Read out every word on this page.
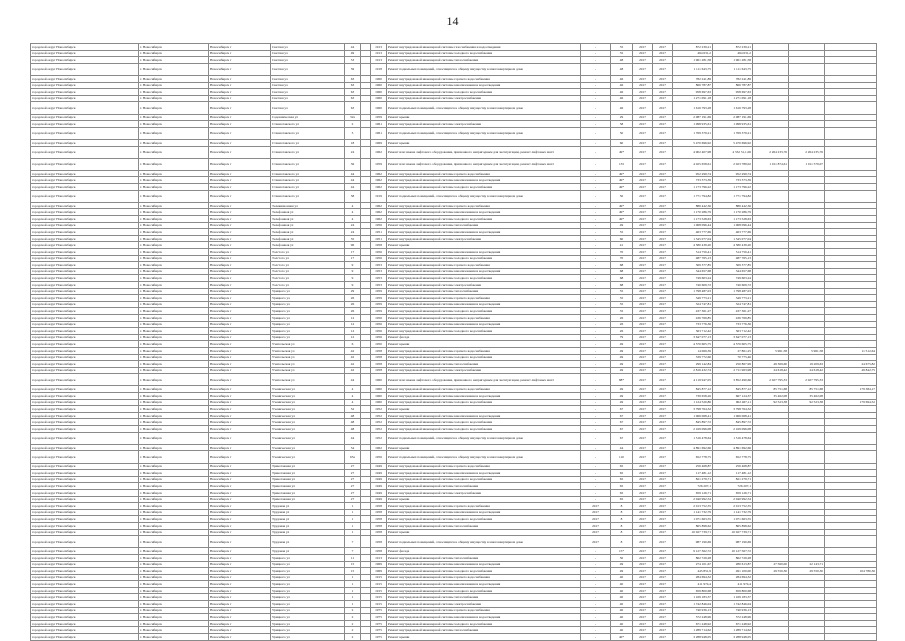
14
городской округ Новосибирск	г. Новосибирск	Новосибирск г	Светлая ул	44		1913	Ремонт внутридомовой инженерной системы газоснабжения и водоотведения	-	35	2017	2017	872 239,21	872 239,21			
городской округ Новосибирск	г. Новосибирск	Новосибирск г	Светлая ул	49		1913	Ремонт внутридомовой инженерной системы холодного водоснабжения	-	35	2017	2017	494 631,2	494 631,2			
городской округ Новосибирск	г. Новосибирск	Новосибирск г	Светлая ул	53		1913	Ремонт внутридомовой инженерной системы теплоснабжения	-	48	2017	2017	1 961 281,58	1 961 281,58			
городской округ Новосибирск	г. Новосибирск	Новосибирск г	Светлая ул	59		1918	Ремонт подвальных помещений, относящихся к общему имуществу в многоквартирном доме	-	48	2017	2017	1 111 643,75	1 111 643,75			
городской округ Новосибирск	г. Новосибирск	Новосибирск г	Светлая ул	63		1960	Ремонт внутридомовой инженерной системы горячего водоснабжения	-	46	2017	2017	782 241,89	782 241,89			
городской округ Новосибирск	г. Новосибирск	Новосибирск г	Светлая ул	63		1960	Ремонт внутридомовой инженерной системы канализования и водоотведения	-	46	2017	2017	866 787,87	866 787,87			
городской округ Новосибирск	г. Новосибирск	Новосибирск г	Светлая ул	63		1960	Ремонт внутридомовой инженерной системы холодного водоснабжения	-	46	2017	2017	958 697,63	958 697,63			
городской округ Новосибирск	г. Новосибирск	Новосибирск г	Светлая ул	63		1960	Ремонт внутридомовой инженерной системы электроснабжения	-	46	2017	2017	1 271 091,18	1 271 091,18			
городской округ Новосибирск	г. Новосибирск	Новосибирск г	Светлая ул	63		1960	Ремонт подвальных помещений, относящихся к общему имуществу в многоквартирном доме	-	46	2017	2017	1 616 793,28	1 616 793,28			
городской округ Новосибирск	г. Новосибирск	Новосибирск г	Садовническая ул	32а		1959	Ремонт крыши	-	29	2017	2017	2 087 191,69	2 087 191,69			
городской округ Новосибирск	г. Новосибирск	Новосибирск г	Станиславского ул	2		1961	Ремонт внутридомовой инженерной системы электроснабжения	-	58	2017	2017	1 098 935,61	1 098 935,61			
городской округ Новосибирск	г. Новосибирск	Новосибирск г	Станиславского ул	3		1961	Ремонт подвальных помещений, относящихся к общему имуществу в многоквартирном доме	-	50	2017	2017	1 769 379,21	1 769 379,21			
городской округ Новосибирск	г. Новосибирск	Новосибирск г	Станиславского ул	18		1969	Ремонт крыши	-	60	2017	2017	5 470 696,92	5 470 696,92			
городской округ Новосибирск	г. Новосибирск	Новосибирск г	Станиславского ул	24		1962	Ремонт или замена лифтового оборудования, признанного непригодным для эксплуатации, ремонт лифтовых шахт	-	49*	2017	2017	4 902 407,98	4 332 51,1,06	2 264 233,76	2 264 235,76	
городской округ Новосибирск	г. Новосибирск	Новосибирск г	Станиславского ул	36		1959	Ремонт или замена лифтового оборудования, признанного непригодным для эксплуатации, ремонт лифтовых шахт	-	135	2017	2017	4 025 658,61	2 023 789,02	1 011 874,61	1 011 579,07	
городской округ Новосибирск	г. Новосибирск	Новосибирск г	Станиславского ул	44		1962	Ремонт внутридомовой инженерной системы горячего водоснабжения	-	49*	2017	2017	952 299,74	952 299,74			
городской округ Новосибирск	г. Новосибирск	Новосибирск г	Станиславского ул	44		1962	Ремонт внутридомовой инженерной системы канализования и водоотведения	-	49*	2017	2017	733 373,39	733 373,39			
городской округ Новосибирск	г. Новосибирск	Новосибирск г	Станиславского ул	44		1962	Ремонт внутридомовой инженерной системы холодного водоснабжения	-	49*	2017	2017	1 173 796,22	1 173 796,22			
городской округ Новосибирск	г. Новосибирск	Новосибирск г	Станиславского ул	58		1919	Ремонт подвальных помещений, относящихся к общему имуществу в многоквартирном доме	-	50	2017	2017	1 771 794,82	1 771 794,82			
городской округ Новосибирск	г. Новосибирск	Новосибирск г	Телевизионная ул	4		1962	Ремонт внутридомовой инженерной системы горячего водоснабжения	-	49*	2017	2017	886 442,36	886 442,36			
городской округ Новосибирск	г. Новосибирск	Новосибирск г	Телефонная ул	4		1962	Ремонт внутридомовой инженерной системы канализования и водоотведения	-	49*	2017	2017	1 170 286,79	1 170 286,79			
городской округ Новосибирск	г. Новосибирск	Новосибирск г	Телефонная ул	4		1962	Ремонт внутридомовой инженерной системы холодного водоснабжения	-	49*	2017	2017	1 173 528,63	1 173 528,63			
городской округ Новосибирск	г. Новосибирск	Новосибирск г	Телефонная ул	24		1956	Ремонт внутридомовой инженерной системы теплоснабжения	-	49	2017	2017	1 068 096,44	1 068 096,44			
городской округ Новосибирск	г. Новосибирск	Новосибирск г	Телефонная ул	24		1951	Ремонт внутридомовой инженерной системы канализования и водоотведения	-	55	2017	2017	463 777,69	463 777,69			
городской округ Новосибирск	г. Новосибирск	Новосибирск г	Телефонная ул	35		1951	Ремонт внутридомовой инженерной системы электроснабжения	-	60	2017	2017	1 345 077,04	1 345 077,04			
городской округ Новосибирск	г. Новосибирск	Новосибирск г	Телефонная ул	96		1958	Ремонт крыши	-	41	2017	2017	4 580 439,20	4 580 439,20			
городской округ Новосибирск	г. Новосибирск	Новосибирск г	Толстого ул	17		1956	Ремонт внутридомовой инженерной системы канализования и водоотведения	-	70	2017	2017	514 750,41	514 750,41			
городской округ Новосибирск	г. Новосибирск	Новосибирск г	Толстого ул	17		1956	Ремонт внутридомовой инженерной системы холодного водоснабжения	-	70	2017	2017	487 765,13	487 765,13			
городской округ Новосибирск	г. Новосибирск	Новосибирск г	Толстого ул	9		1953	Ремонт внутридомовой инженерной системы горячего водоснабжения	-	68	2017	2017	369 377,85	369 377,85			
городской округ Новосибирск	г. Новосибирск	Новосибирск г	Толстого ул	9		1953	Ремонт внутридомовой инженерной системы канализования и водоотведения	-	68	2017	2017	344 657,68	344 657,68			
городской округ Новосибирск	г. Новосибирск	Новосибирск г	Толстого ул	9		1953	Ремонт внутридомовой инженерной системы холодного водоснабжения	-	68	2017	2017	749 603,24	749 603,24			
городской округ Новосибирск	г. Новосибирск	Новосибирск г	Толстого ул	9		1953	Ремонт внутридомовой инженерной системы электроснабжения	-	68	2017	2017	740 609,72	740 609,72			
городской округ Новосибирск	г. Новосибирск	Новосибирск г	Урицкого ул	29		1959	Ремонт внутридомовой инженерной системы теплоснабжения	-	35	2017	2017	1 798 487,03	1 798 487,03			
городской округ Новосибирск	г. Новосибирск	Новосибирск г	Урицкого ул	26		1959	Ремонт внутридомовой инженерной системы горячего водоснабжения	-	35	2017	2017	349 773,21	349 773,21			
городской округ Новосибирск	г. Новосибирск	Новосибирск г	Урицкого ул	26		1959	Ремонт внутридомовой инженерной системы канализования и водоотведения	-	35	2017	2017	324 747,81	324 747,81			
городской округ Новосибирск	г. Новосибирск	Новосибирск г	Урицкого ул	26		1959	Ремонт внутридомовой инженерной системы холодного водоснабжения	-	35	2017	2017	437 361,27	437 361,27			
городской округ Новосибирск	г. Новосибирск	Новосибирск г	Урицкого ул	12		1956	Ремонт внутридомовой инженерной системы горячего водоснабжения	-	26	2017	2017	436 769,85	436 769,85			
городской округ Новосибирск	г. Новосибирск	Новосибирск г	Урицкого ул	12		1956	Ремонт внутридомовой инженерной системы канализования и водоотведения	-	26	2017	2017	733 776,36	733 776,36			
городской округ Новосибирск	г. Новосибирск	Новосибирск г	Урицкого ул	12		1956	Ремонт внутридомовой инженерной системы холодного водоснабжения	-	26	2017	2017	563 712,42	563 712,42			
городской округ Новосибирск	г. Новосибирск	Новосибирск г	Урицкого ул	12		1956	Ремонт фасада	-	79	2017	2017	3 647 077,13	3 647 077,13			
городской округ Новосибирск	г. Новосибирск	Новосибирск г	Учительская ул	6		1950	Ремонт крыши	-	49	2017	2017	4 570 605,75	4 570 605,75			
городской округ Новосибирск	г. Новосибирск	Новосибирск г	Учительская ул	42		1958	Ремонт внутридомовой инженерной системы горячего водоснабжения	-	49	2017	2017	14 066,39	27 861,25	5 961,58	5 961,58	11 512,64
городской округ Новосибирск	г. Новосибирск	Новосибирск г	Учительская ул	42		1958	Ремонт внутридомовой инженерной системы холодного водоснабжения	-	49	2017	2017	339 772,66	70 775,46			
городской округ Новосибирск	г. Новосибирск	Новосибирск г	Учительская ул	42		1958	Ремонт внутридомовой инженерной системы теплоснабжения	-	49	2017	2017	299 142,84	250 867,99	49 369,60	19 209,63	24 675,82
городской округ Новосибирск	г. Новосибирск	Новосибирск г	Учительская ул	42		1958	Ремонт внутридомовой инженерной системы электроснабжения	-	49	2017	2017	2 816 432,74	2 711 963,98	24 618,42	24 618,42	49 842,75
городской округ Новосибирск	г. Новосибирск	Новосибирск г	Учительская ул	44		1960	Ремонт или замена лифтового оборудования, признанного непригодным для эксплуатации, ремонт лифтовых шахт	-	88*	2017	2017	4 119 947,05	3 852 490,66	2 027 795,33	2 027 795,33	
городской округ Новосибирск	г. Новосибирск	Новосибирск г	Ученическая ул	4		1960	Ремонт внутридомовой инженерной системы горячего водоснабжения	-	49	2017	2017	845 877,12	845 877,12	85 751,68	85 751,68	179 384,17
городской округ Новосибирск	г. Новосибирск	Новосибирск г	Ученическая ул	4		1960	Ремонт внутридомовой инженерной системы канализования и водоотведения	-	49	2017	2017	739 658,26	667 124,37	35 462,08	35 462,08	
городской округ Новосибирск	г. Новосибирск	Новосибирск г	Ученическая ул	4		1960	Ремонт внутридомовой инженерной системы холодного водоснабжения	-	49	2017	2017	1 124 520,86	902 467,11	92 523,38	92 523,38	179 694,52
городской округ Новосибирск	г. Новосибирск	Новосибирск г	Ученическая ул	52		1952	Ремонт крыши	-	67	2017	2017	3 798 764,32	3 798 764,32			
городской округ Новосибирск	г. Новосибирск	Новосибирск г	Ученическая ул	48		1952	Ремонт внутридомовой инженерной системы канализования и водоотведения	-	67	2017	2017	1 066 068,41	1 066 068,41			
городской округ Новосибирск	г. Новосибирск	Новосибирск г	Ученическая ул	48		1952	Ремонт внутридомовой инженерной системы холодного водоснабжения	-	67	2017	2017	845 897,72	845 897,72			
городской округ Новосибирск	г. Новосибирск	Новосибирск г	Ученическая ул	48		1952	Ремонт внутридомовой инженерной системы холодного водоснабжения	-	67	2017	2017	2 169 096,08	2 169 096,08			
городской округ Новосибирск	г. Новосибирск	Новосибирск г	Ученическая ул	44		1952	Ремонт подвальных помещений, относящихся к общему имуществу в многоквартирном доме	-	67	2017	2017	1 516 478,64	1 516 478,64			
городской округ Новосибирск	г. Новосибирск	Новосибирск г	Ученическая ул	54		1962	Ремонт крыши	-	44	2017	2017	4 891 692,66	4 891 692,66			
городской округ Новосибирск	г. Новосибирск	Новосибирск г	Ученическая ул	65а		1956	Ремонт подвальных помещений, относящихся к общему имуществу в многоквартирном доме	-	110	2017	2017	652 778,75	652 778,75			
городской округ Новосибирск	г. Новосибирск	Новосибирск г	Трикотажная ул	27		1949	Ремонт внутридомовой инженерной системы горячего водоснабжения	-	65	2017	2017	256 468,87	256 468,87			
городской округ Новосибирск	г. Новосибирск	Новосибирск г	Трикотажная ул	27		1949	Ремонт внутридомовой инженерной системы канализования и водоотведения	-	65	2017	2017	117 481,12	117 481,12			
городской округ Новосибирск	г. Новосибирск	Новосибирск г	Трикотажная ул	27		1949	Ремонт внутридомовой инженерной системы холодного водоснабжения	-	65	2017	2017	821 279,71	821 279,71			
городской округ Новосибирск	г. Новосибирск	Новосибирск г	Трикотажная ул	27		1949	Ремонт внутридомовой инженерной системы теплоснабжения	-	65	2017	2017	726 207,1	726 207,1			
городской округ Новосибирск	г. Новосибирск	Новосибирск г	Трикотажная ул	27		1949	Ремонт внутридомовой инженерной системы электроснабжения	-	65	2017	2017	659 126,71	659 126,71			
городской округ Новосибирск	г. Новосибирск	Новосибирск г	Трикотажная ул	27		1949	Ремонт крыши	-	65	2017	2017	2 040 992,54	2 040 992,54			
городской округ Новосибирск	г. Новосибирск	Новосибирск г	Трудовая ул	1		1958	Ремонт внутридомовой инженерной системы горячего водоснабжения	2017	8	2017	2017	2 013 752,35	2 013 752,35			
городской округ Новосибирск	г. Новосибирск	Новосибирск г	Трудовая ул	1		1958	Ремонт внутридомовой инженерной системы канализования и водоотведения	2017	8	2017	2017	1 141 732,79	1 141 732,79			
городской округ Новосибирск	г. Новосибирск	Новосибирск г	Трудовая ул	1		1958	Ремонт внутридомовой инженерной системы холодного водоснабжения	2017	8	2017	2017	1 071 663,55	1 071 663,55			
городской округ Новосибирск	г. Новосибирск	Новосибирск г	Трудовая ул	1		1958	Ремонт внутридомовой инженерной системы теплоснабжения	2017	8	2017	2017	865 898,62	865 898,62			
городской округ Новосибирск	г. Новосибирск	Новосибирск г	Трудовая ул	1		1958	Ремонт крыши	2017	8	2017	2017	10 027 739,71	10 027 739,71			
городской округ Новосибирск	г. Новосибирск	Новосибирск г	Трудовая ул	7		1958	Ремонт подвальных помещений, относящихся к общему имуществу в многоквартирном доме	2017	8	2017	2017	987 190,69	987 190,69			
городской округ Новосибирск	г. Новосибирск	Новосибирск г	Трудовая ул	7		1958	Ремонт фасада	-	15*	2017	2017	9 127 362,72	10 127 567,72			
городской округ Новосибирск	г. Новосибирск	Новосибирск г	Урицкого ул	11		1913	Ремонт внутридомовой инженерной системы теплоснабжения	-	50	2017	2017	862 729,28	862 729,28			
городской округ Новосибирск	г. Новосибирск	Новосибирск г	Урицкого ул	15		1969	Ремонт внутридомовой инженерной системы канализования и водоотведения	-	49	2017	2017	274 101,67	280 613,87	27 560,00	22 143,71	
городской округ Новосибирск	г. Новосибирск	Новосибирск г	Урицкого ул	15		1969	Ремонт внутридомовой инженерной системы холодного водоснабжения	-	49	2017	2017	445 851,9	491 100,00	29 550,30	29 550,30	104 780,36
городской округ Новосибирск	г. Новосибирск	Новосибирск г	Урицкого ул	1		1915	Ремонт внутридомовой инженерной системы горячего водоснабжения	-	40	2017	2017	284 694,32	284 694,32			
городской округ Новосибирск	г. Новосибирск	Новосибирск г	Урицкого ул	1		1915	Ремонт внутридомовой инженерной системы канализования и водоотведения	-	40	2017	2017	411 974,4	411 974,4			
городской округ Новосибирск	г. Новосибирск	Новосибирск г	Урицкого ул	1		1915	Ремонт внутридомовой инженерной системы холодного водоснабжения	-	40	2017	2017	659 800,68	659 800,68			
городской округ Новосибирск	г. Новосибирск	Новосибирск г	Урицкого ул	1		1915	Ремонт внутридомовой инженерной системы теплоснабжения	-	40	2017	2017	1 169 183,37	1 169 183,37			
городской округ Новосибирск	г. Новосибирск	Новосибирск г	Урицкого ул	1		1915	Ремонт внутридомовой инженерной системы электроснабжения	-	40	2017	2017	1 742 846,04	1 742 846,04			
городской округ Новосибирск	г. Новосибирск	Новосибирск г	Урицкого ул	2		1975	Ремонт внутридомовой инженерной системы горячего водоснабжения	-	40	2017	2017	740 936,13	740 936,13			
городской округ Новосибирск	г. Новосибирск	Новосибирск г	Урицкого ул	2		1975	Ремонт внутридомовой инженерной системы канализования и водоотведения	-	40	2017	2017	572 248,96	572 248,96			
городской округ Новосибирск	г. Новосибирск	Новосибирск г	Урицкого ул	2		1975	Ремонт внутридомовой инженерной системы холодного водоснабжения	-	40	2017	2017	671 248,92	671 248,92			
городской округ Новосибирск	г. Новосибирск	Новосибирск г	Урицкого ул	2		1975	Ремонт внутридомовой инженерной системы теплоснабжения	-	40	2017	2017	1 289 714,62	1 289 714,62			
городской округ Новосибирск	г. Новосибирск	Новосибирск г	Урицкого ул	2		1975	Ремонт крыши	-	40*	2017	2017	3 288 948,05	3 288 948,05			
